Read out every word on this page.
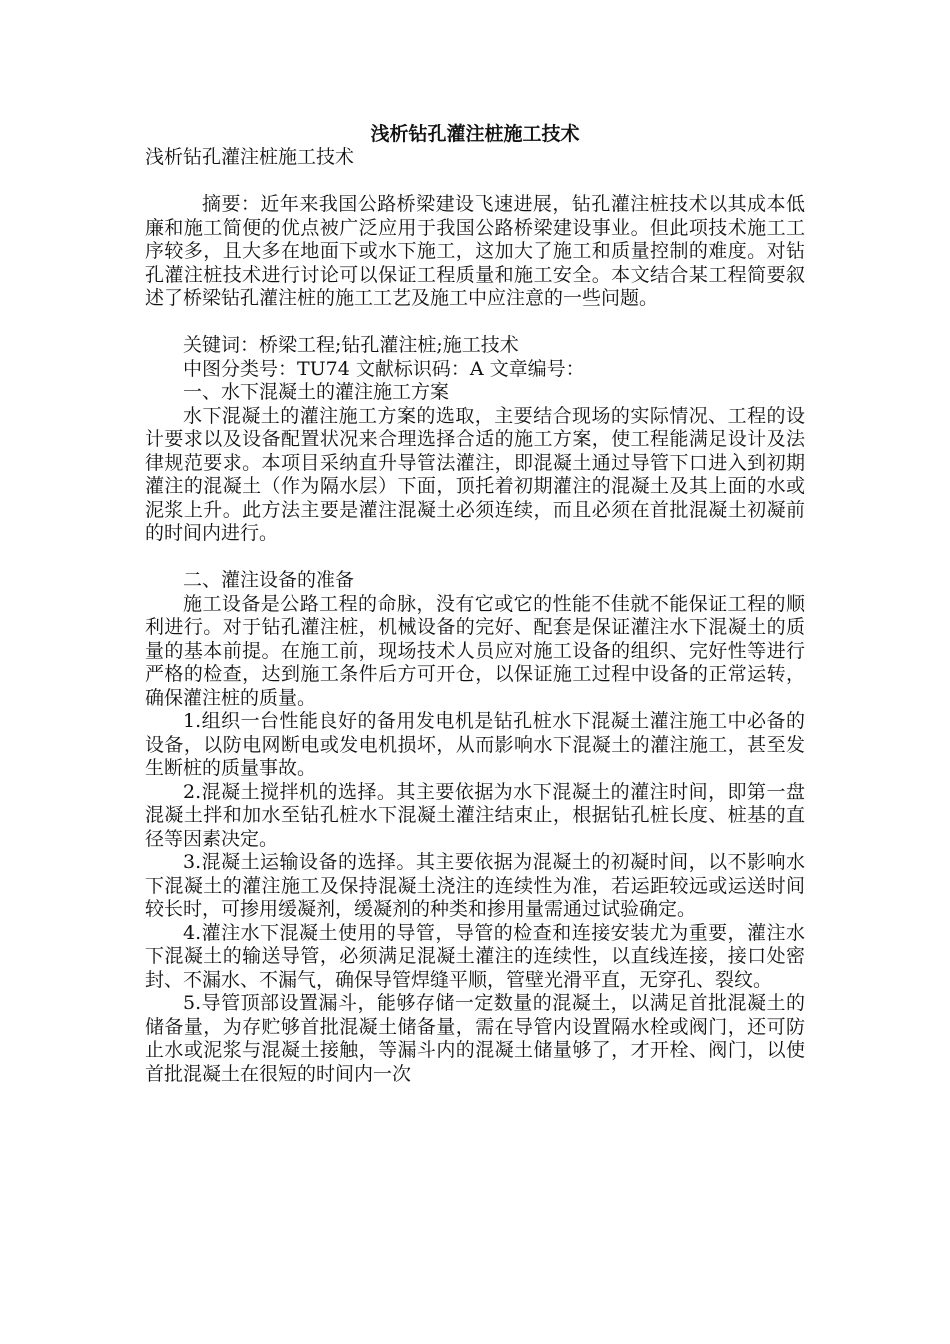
浅析钻孔灌注桩施工技术
浅析钻孔灌注桩施工技术

摘要：近年来我国公路桥梁建设飞速进展，钻孔灌注桩技术以其成本低廉和施工简便的优点被广泛应用于我国公路桥梁建设事业。但此项技术施工工序较多，且大多在地面下或水下施工，这加大了施工和质量控制的难度。对钻孔灌注桩技术进行讨论可以保证工程质量和施工安全。本文结合某工程简要叙述了桥梁钻孔灌注桩的施工工艺及施工中应注意的一些问题。

关键词：桥梁工程;钻孔灌注桩;施工技术

中图分类号：TU74 文献标识码：A 文章编号：

一、水下混凝土的灌注施工方案

水下混凝土的灌注施工方案的选取，主要结合现场的实际情况、工程的设计要求以及设备配置状况来合理选择合适的施工方案，使工程能满足设计及法律规范要求。本项目采纳直升导管法灌注，即混凝土通过导管下口进入到初期灌注的混凝土（作为隔水层）下面，顶托着初期灌注的混凝土及其上面的水或泥浆上升。此方法主要是灌注混凝土必须连续，而且必须在首批混凝土初凝前的时间内进行。

二、灌注设备的准备

施工设备是公路工程的命脉，没有它或它的性能不佳就不能保证工程的顺利进行。对于钻孔灌注桩，机械设备的完好、配套是保证灌注水下混凝土的质量的基本前提。在施工前，现场技术人员应对施工设备的组织、完好性等进行严格的检查，达到施工条件后方可开仓，以保证施工过程中设备的正常运转，确保灌注桩的质量。

1.组织一台性能良好的备用发电机是钻孔桩水下混凝土灌注施工中必备的设备，以防电网断电或发电机损坏，从而影响水下混凝土的灌注施工，甚至发生断桩的质量事故。

2.混凝土搅拌机的选择。其主要依据为水下混凝土的灌注时间，即第一盘混凝土拌和加水至钻孔桩水下混凝土灌注结束止，根据钻孔桩长度、桩基的直径等因素决定。

3.混凝土运输设备的选择。其主要依据为混凝土的初凝时间，以不影响水下混凝土的灌注施工及保持混凝土浇注的连续性为准，若运距较远或运送时间较长时，可掺用缓凝剂，缓凝剂的种类和掺用量需通过试验确定。

4.灌注水下混凝土使用的导管，导管的检查和连接安装尤为重要，灌注水下混凝土的输送导管，必须满足混凝土灌注的连续性，以直线连接，接口处密封、不漏水、不漏气，确保导管焊缝平顺，管壁光滑平直，无穿孔、裂纹。

5.导管顶部设置漏斗，能够存储一定数量的混凝土，以满足首批混凝土的储备量，为存贮够首批混凝土储备量，需在导管内设置隔水栓或阀门，还可防止水或泥浆与混凝土接触，等漏斗内的混凝土储量够了，才开栓、阀门，以使首批混凝土在很短的时间内一次
